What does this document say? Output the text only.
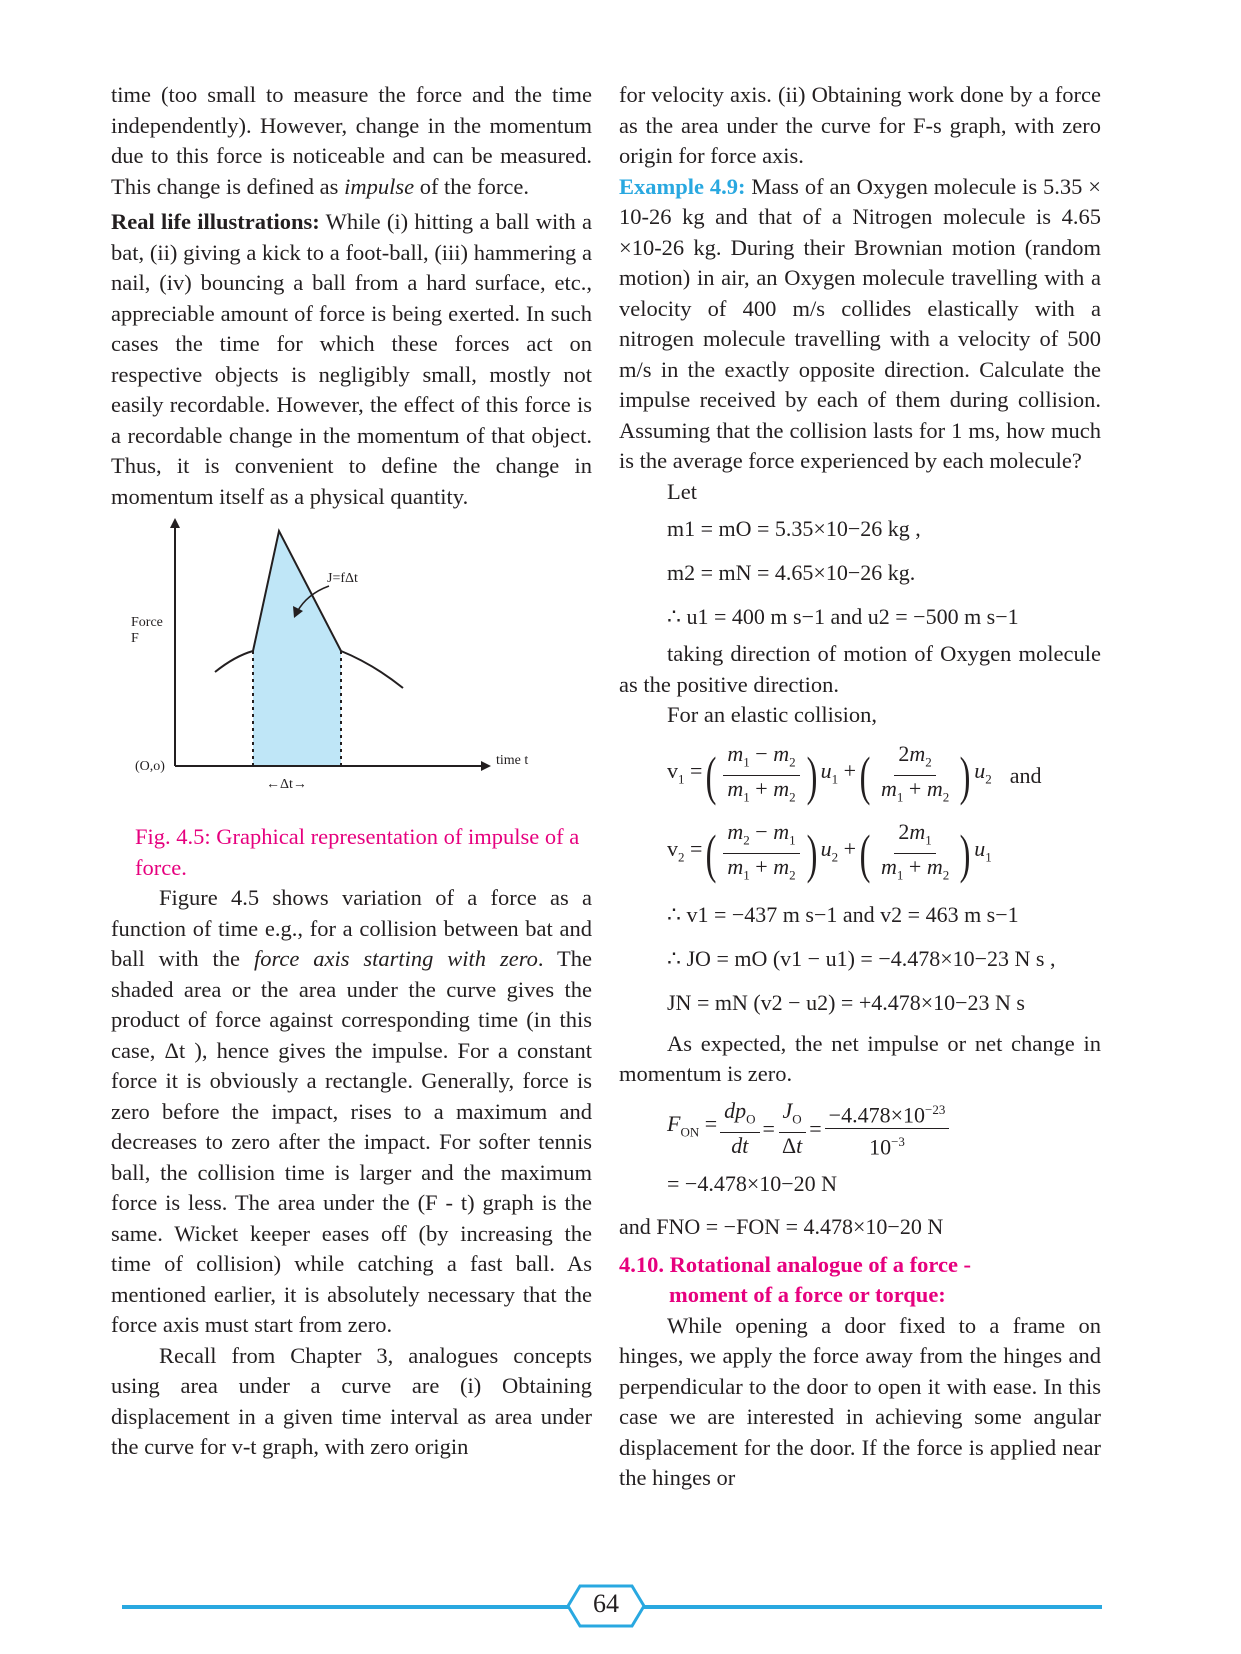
time (too small to measure the force and the time independently). However, change in the momentum due to this force is noticeable and can be measured. This change is defined as impulse of the force.

Real life illustrations: While (i) hitting a ball with a bat, (ii) giving a kick to a foot-ball, (iii) hammering a nail, (iv) bouncing a ball from a hard surface, etc., appreciable amount of force is being exerted. In such cases the time for which these forces act on respective objects is negligibly small, mostly not easily recordable. However, the effect of this force is a recordable change in the momentum of that object. Thus, it is convenient to define the change in momentum itself as a physical quantity.

J=fΔt
Force
F
time t
(O,o)
←Δt→

Fig. 4.5: Graphical representation of impulse of a force.

Figure 4.5 shows variation of a force as a function of time e.g., for a collision between bat and ball with the force axis starting with zero. The shaded area or the area under the curve gives the product of force against corresponding time (in this case, Δt ), hence gives the impulse. For a constant force it is obviously a rectangle. Generally, force is zero before the impact, rises to a maximum and decreases to zero after the impact. For softer tennis ball, the collision time is larger and the maximum force is less. The area under the (F - t) graph is the same. Wicket keeper eases off (by increasing the time of collision) while catching a fast ball. As mentioned earlier, it is absolutely necessary that the force axis must start from zero.

Recall from Chapter 3, analogues concepts using area under a curve are (i) Obtaining displacement in a given time interval as area under the curve for v-t graph, with zero origin

for velocity axis. (ii) Obtaining work done by a force as the area under the curve for F-s graph, with zero origin for force axis.

Example 4.9: Mass of an Oxygen molecule is 5.35 × 10-26 kg and that of a Nitrogen molecule is 4.65 ×10-26 kg. During their Brownian motion (random motion) in air, an Oxygen molecule travelling with a velocity of 400 m/s collides elastically with a nitrogen molecule travelling with a velocity of 500 m/s in the exactly opposite direction. Calculate the impulse received by each of them during collision. Assuming that the collision lasts for 1 ms, how much is the average force experienced by each molecule?

Let

m1 = mO = 5.35×10−26 kg ,
m2 = mN = 4.65×10−26 kg.
∴ u1 = 400 m s−1 and u2 = −500 m s−1

taking direction of motion of Oxygen molecule as the positive direction.

For an elastic collision,

$v_1$ = ( $\frac{m_1 - m_2}{m_1 + m_2}$ ) $u_1$ + ( $\frac{2m_2}{m_1 + m_2}$ ) $u_2$ and
$v_2$ = ( $\frac{m_2 - m_1}{m_1 + m_2}$ ) $u_2$ + ( $\frac{2m_1}{m_1 + m_2}$ ) $u_1$
∴ v1 = −437 m s−1 and v2 = 463 m s−1
∴ JO = mO (v1 − u1) = −4.478×10−23 N s ,
JN = mN (v2 − u2) = +4.478×10−23 N s

As expected, the net impulse or net change in momentum is zero.

$F_{ON} = \frac{dp_O}{dt} = \frac{J_O}{\Delta t} = \frac{-4.478\times 10^{-23}}{10^{-3}}$
= −4.478×10−20 N
and FNO = −FON = 4.478×10−20 N

4.10. Rotational analogue of a force -
moment of a force or torque:

While opening a door fixed to a frame on hinges, we apply the force away from the hinges and perpendicular to the door to open it with ease. In this case we are interested in achieving some angular displacement for the door. If the force is applied near the hinges or

64
